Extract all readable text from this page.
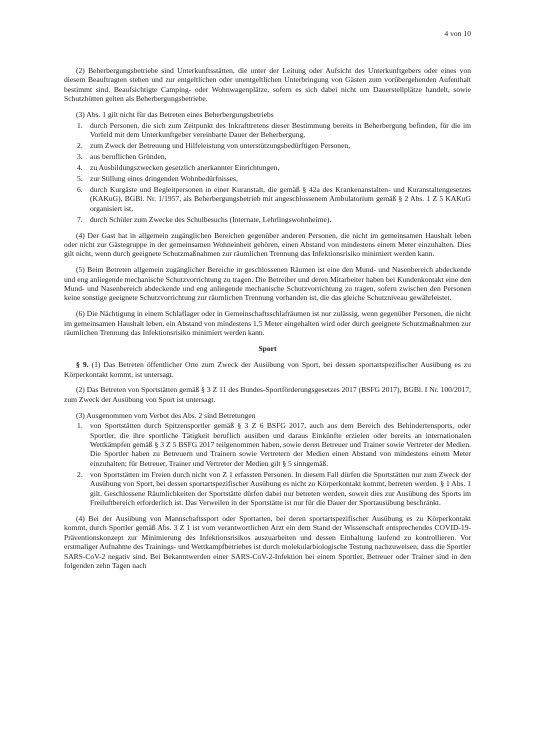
4 von 10

(2) Beherbergungsbetriebe sind Unterkunftsstätten, die unter der Leitung oder Aufsicht des Unterkunftgebers oder eines von diesem Beauftragten stehen und zur entgeltlichen oder unentgeltlichen Unterbringung von Gästen zum vorübergehenden Aufenthalt bestimmt sind. Beaufsichtigte Camping- oder Wohnwagenplätze, sofern es sich dabei nicht um Dauerstellplätze handelt, sowie Schutzhütten gelten als Beherbergungsbetriebe.

(3) Abs. 1 gilt nicht für das Betreten eines Beherbergungsbetriebs

1. durch Personen, die sich zum Zeitpunkt des Inkrafttretens dieser Bestimmung bereits in Beherbergung befinden, für die im Vorfeld mit dem Unterkunftgeber vereinbarte Dauer der Beherbergung,
2. zum Zweck der Betreuung und Hilfeleistung von unterstützungsbedürftigen Personen,
3. aus beruflichen Gründen,
4. zu Ausbildungszwecken gesetzlich anerkannter Einrichtungen,
5. zur Stillung eines dringenden Wohnbedürfnisses,
6. durch Kurgäste und Begleitpersonen in einer Kuranstalt, die gemäß § 42a des Krankenanstalten- und Kuranstaltengesetzes (KAKuG), BGBl. Nr. 1/1957, als Beherbergungsbetrieb mit angeschlossenem Ambulatorium gemäß § 2 Abs. 1 Z 5 KAKuG organisiert ist,
7. durch Schüler zum Zwecke des Schulbesuchs (Internate, Lehrlingswohnheime).

(4) Der Gast hat in allgemein zugänglichen Bereichen gegenüber anderen Personen, die nicht im gemeinsamen Haushalt leben oder nicht zur Gästegruppe in der gemeinsamen Wohneinheit gehören, einen Abstand von mindestens einem Meter einzuhalten. Dies gilt nicht, wenn durch geeignete Schutzmaßnahmen zur räumlichen Trennung das Infektionsrisiko minimiert werden kann.

(5) Beim Betreten allgemein zugänglicher Bereiche in geschlossenen Räumen ist eine den Mund- und Nasenbereich abdeckende und eng anliegende mechanische Schutzvorrichtung zu tragen. Die Betreiber und deren Mitarbeiter haben bei Kundenkontakt eine den Mund- und Nasenbereich abdeckende und eng anliegende mechanische Schutzvorrichtung zu tragen, sofern zwischen den Personen keine sonstige geeignete Schutzvorrichtung zur räumlichen Trennung vorhanden ist, die das gleiche Schutzniveau gewährleistet.

(6) Die Nächtigung in einem Schlaflager oder in Gemeinschaftsschlafräumen ist nur zulässig, wenn gegenüber Personen, die nicht im gemeinsamen Haushalt leben, ein Abstand von mindestens 1,5 Meter eingehalten wird oder durch geeignete Schutzmaßnahmen zur räumlichen Trennung das Infektionsrisiko minimiert werden kann.

Sport

§ 9. (1) Das Betreten öffentlicher Orte zum Zweck der Ausübung von Sport, bei dessen sportartspezifischer Ausübung es zu Körperkontakt kommt, ist untersagt.

(2) Das Betreten von Sportstätten gemäß § 3 Z 11 des Bundes-Sportförderungsgesetzes 2017 (BSFG 2017), BGBl. I Nr. 100/2017, zum Zweck der Ausübung von Sport ist untersagt.

(3) Ausgenommen vom Verbot des Abs. 2 sind Betretungen

1. von Sportstätten durch Spitzensportler gemäß § 3 Z 6 BSFG 2017, auch aus dem Bereich des Behindertensports, oder Sportler, die ihre sportliche Tätigkeit beruflich ausüben und daraus Einkünfte erzielen oder bereits an internationalen Wettkämpfen gemäß § 3 Z 5 BSFG 2017 teilgenommen haben, sowie deren Betreuer und Trainer sowie Vertreter der Medien. Die Sportler haben zu Betreuern und Trainern sowie Vertretern der Medien einen Abstand von mindestens einem Meter einzuhalten; für Betreuer, Trainer und Vertreter der Medien gilt § 5 sinngemäß.
2. von Sportstätten im Freien durch nicht von Z 1 erfassten Personen. In diesem Fall dürfen die Sportstätten nur zum Zweck der Ausübung von Sport, bei dessen sportartspezifischer Ausübung es nicht zu Körperkontakt kommt, betreten werden. § 1 Abs. 1 gilt. Geschlossene Räumlichkeiten der Sportstätte dürfen dabei nur betreten werden, soweit dies zur Ausübung des Sports im Freiluftbereich erforderlich ist. Das Verweilen in der Sportstätte ist nur für die Dauer der Sportausübung beschränkt.

(4) Bei der Ausübung von Mannschaftssport oder Sportarten, bei deren sportartspezifischer Ausübung es zu Körperkontakt kommt, durch Sportler gemäß Abs. 3 Z 1 ist vom verantwortlichen Arzt ein dem Stand der Wissenschaft entsprechendes COVID-19-Präventionskonzept zur Minimierung des Infektionsrisikos auszuarbeiten und dessen Einhaltung laufend zu kontrollieren. Vor erstmaliger Aufnahme des Trainings- und Wettkampfbetriebes ist durch molekularbiologische Testung nachzuweisen, dass die Sportler SARS-CoV-2 negativ sind. Bei Bekanntwerden einer SARS-CoV-2-Infektion bei einem Sportler, Betreuer oder Trainer sind in den folgenden zehn Tagen nach
